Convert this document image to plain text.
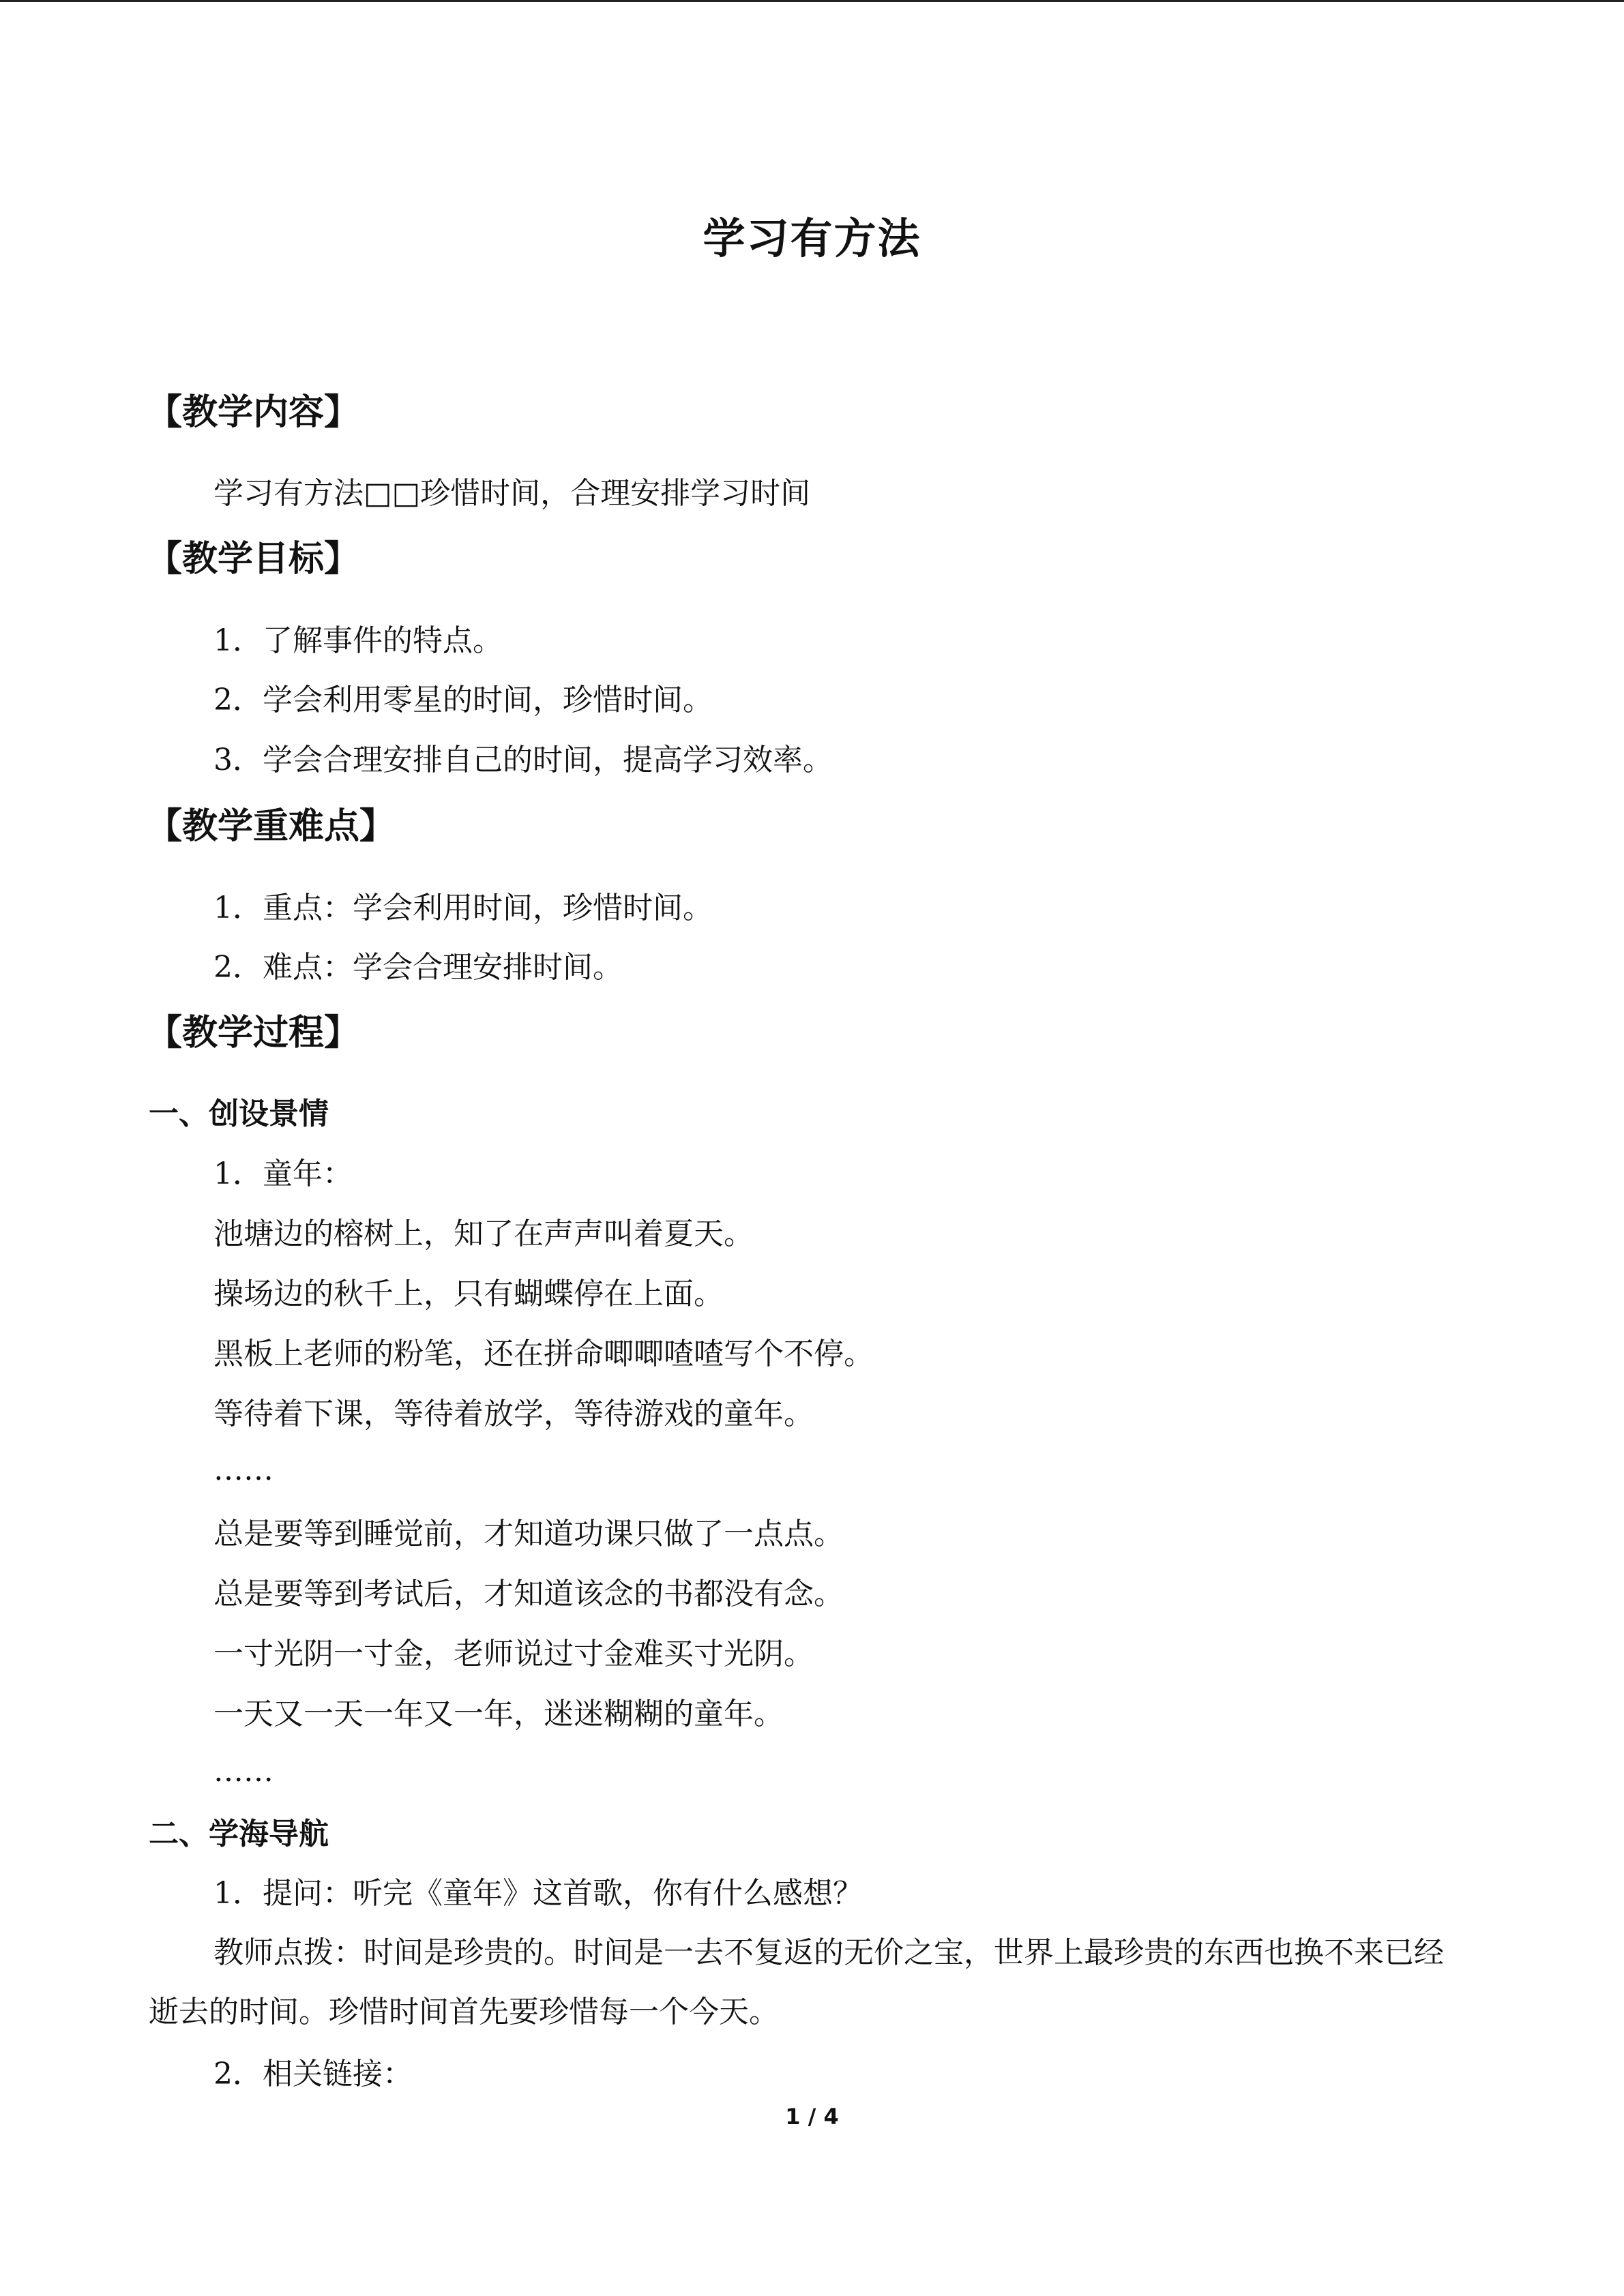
学习有方法
【教学内容】
学习有方法□□珍惜时间，合理安排学习时间
【教学目标】
1．了解事件的特点。
2．学会利用零星的时间，珍惜时间。
3．学会合理安排自己的时间，提高学习效率。
【教学重难点】
1．重点：学会利用时间，珍惜时间。
2．难点：学会合理安排时间。
【教学过程】
一、创设景情
1．童年：
池塘边的榕树上，知了在声声叫着夏天。
操场边的秋千上，只有蝴蝶停在上面。
黑板上老师的粉笔，还在拼命唧唧喳喳写个不停。
等待着下课，等待着放学，等待游戏的童年。
……
总是要等到睡觉前，才知道功课只做了一点点。
总是要等到考试后，才知道该念的书都没有念。
一寸光阴一寸金，老师说过寸金难买寸光阴。
一天又一天一年又一年，迷迷糊糊的童年。
……
二、学海导航
1．提问：听完《童年》这首歌，你有什么感想？
教师点拨：时间是珍贵的。时间是一去不复返的无价之宝，世界上最珍贵的东西也换不来已经逝去的时间。珍惜时间首先要珍惜每一个今天。
2．相关链接：
1 / 4
